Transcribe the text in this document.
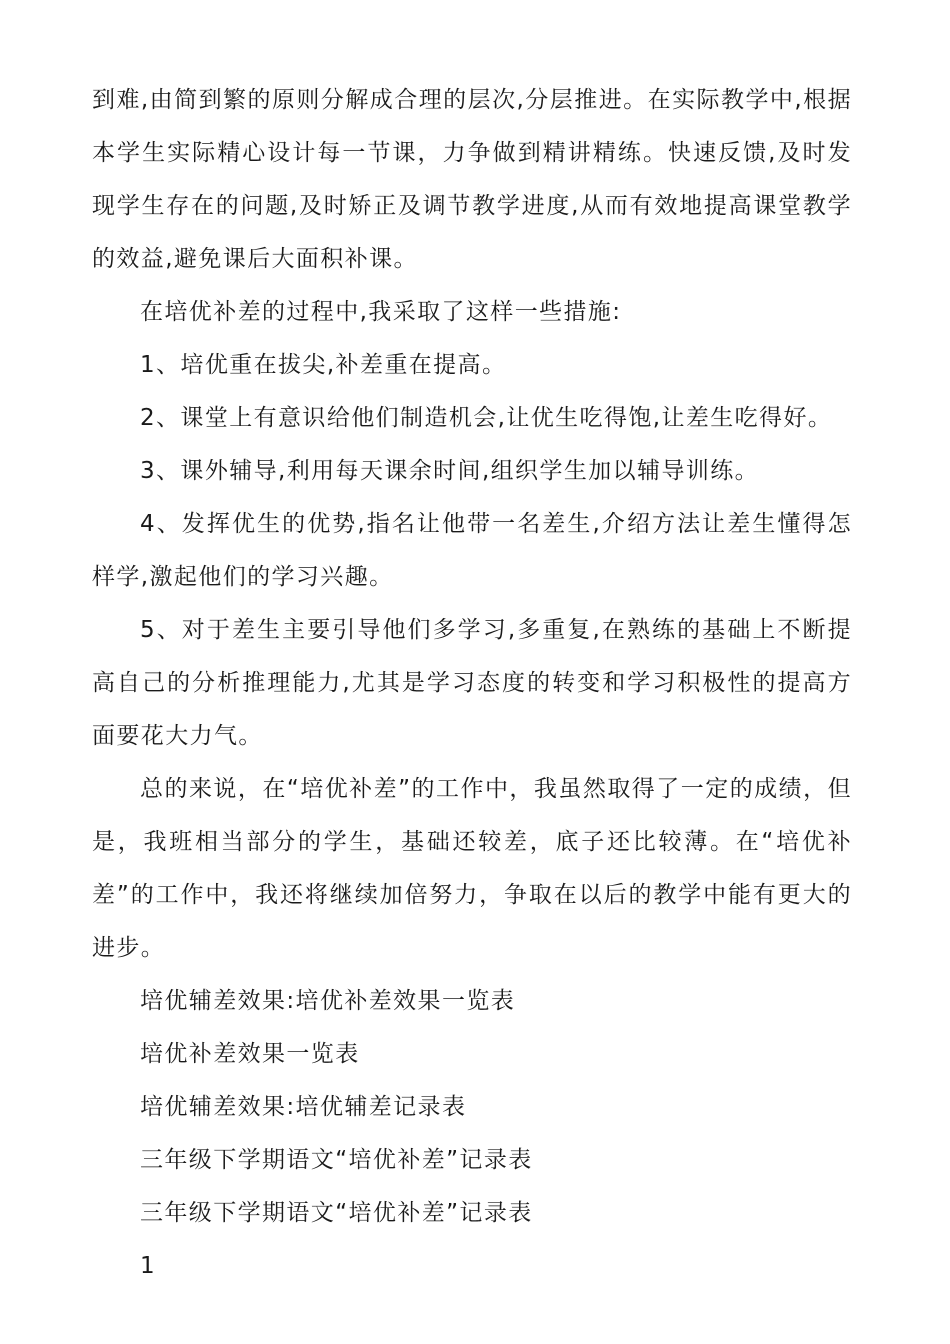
到难,由简到繁的原则分解成合理的层次,分层推进。在实际教学中,根据本学生实际精心设计每一节课，力争做到精讲精练。快速反馈,及时发现学生存在的问题,及时矫正及调节教学进度,从而有效地提高课堂教学的效益,避免课后大面积补课。

在培优补差的过程中,我采取了这样一些措施:

1、培优重在拔尖,补差重在提高。

2、课堂上有意识给他们制造机会,让优生吃得饱,让差生吃得好。

3、课外辅导,利用每天课余时间,组织学生加以辅导训练。

4、发挥优生的优势,指名让他带一名差生,介绍方法让差生懂得怎样学,激起他们的学习兴趣。

5、对于差生主要引导他们多学习,多重复,在熟练的基础上不断提高自己的分析推理能力,尤其是学习态度的转变和学习积极性的提高方面要花大力气。

总的来说，在“培优补差”的工作中，我虽然取得了一定的成绩，但是，我班相当部分的学生，基础还较差，底子还比较薄。在“培优补差”的工作中，我还将继续加倍努力，争取在以后的教学中能有更大的进步。

培优辅差效果:培优补差效果一览表

培优补差效果一览表

培优辅差效果:培优辅差记录表

三年级下学期语文“培优补差”记录表

三年级下学期语文“培优补差”记录表

1
